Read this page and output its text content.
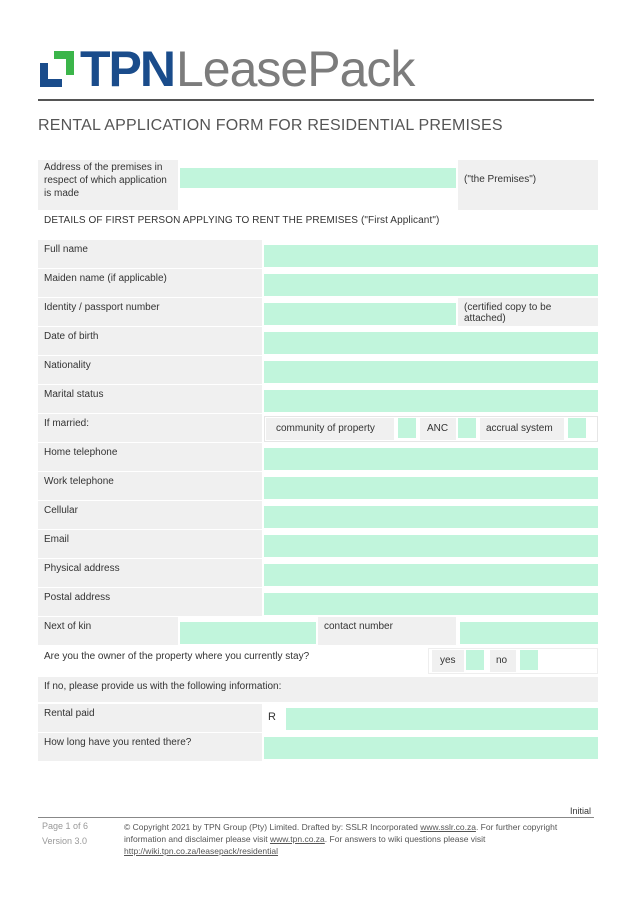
TPN LeasePack
RENTAL APPLICATION FORM FOR RESIDENTIAL PREMISES
Address of the premises in respect of which application is made
("the Premises")
DETAILS OF FIRST PERSON APPLYING TO RENT THE PREMISES ("First Applicant")
Full name
Maiden name (if applicable)
Identity / passport number	(certified copy to be attached)
Date of birth
Nationality
Marital status
If married:	community of property	ANC	accrual system
Home telephone
Work telephone
Cellular
Email
Physical address
Postal address
Next of kin	contact number
Are you the owner of the property where you currently stay?	yes	no
If no, please provide us with the following information:
Rental paid	R
How long have you rented there?
Initial
Page 1 of 6
Version 3.0
© Copyright 2021 by TPN Group (Pty) Limited. Drafted by: SSLR Incorporated www.sslr.co.za. For further copyright information and disclaimer please visit www.tpn.co.za. For answers to wiki questions please visit http://wiki.tpn.co.za/leasepack/residential
